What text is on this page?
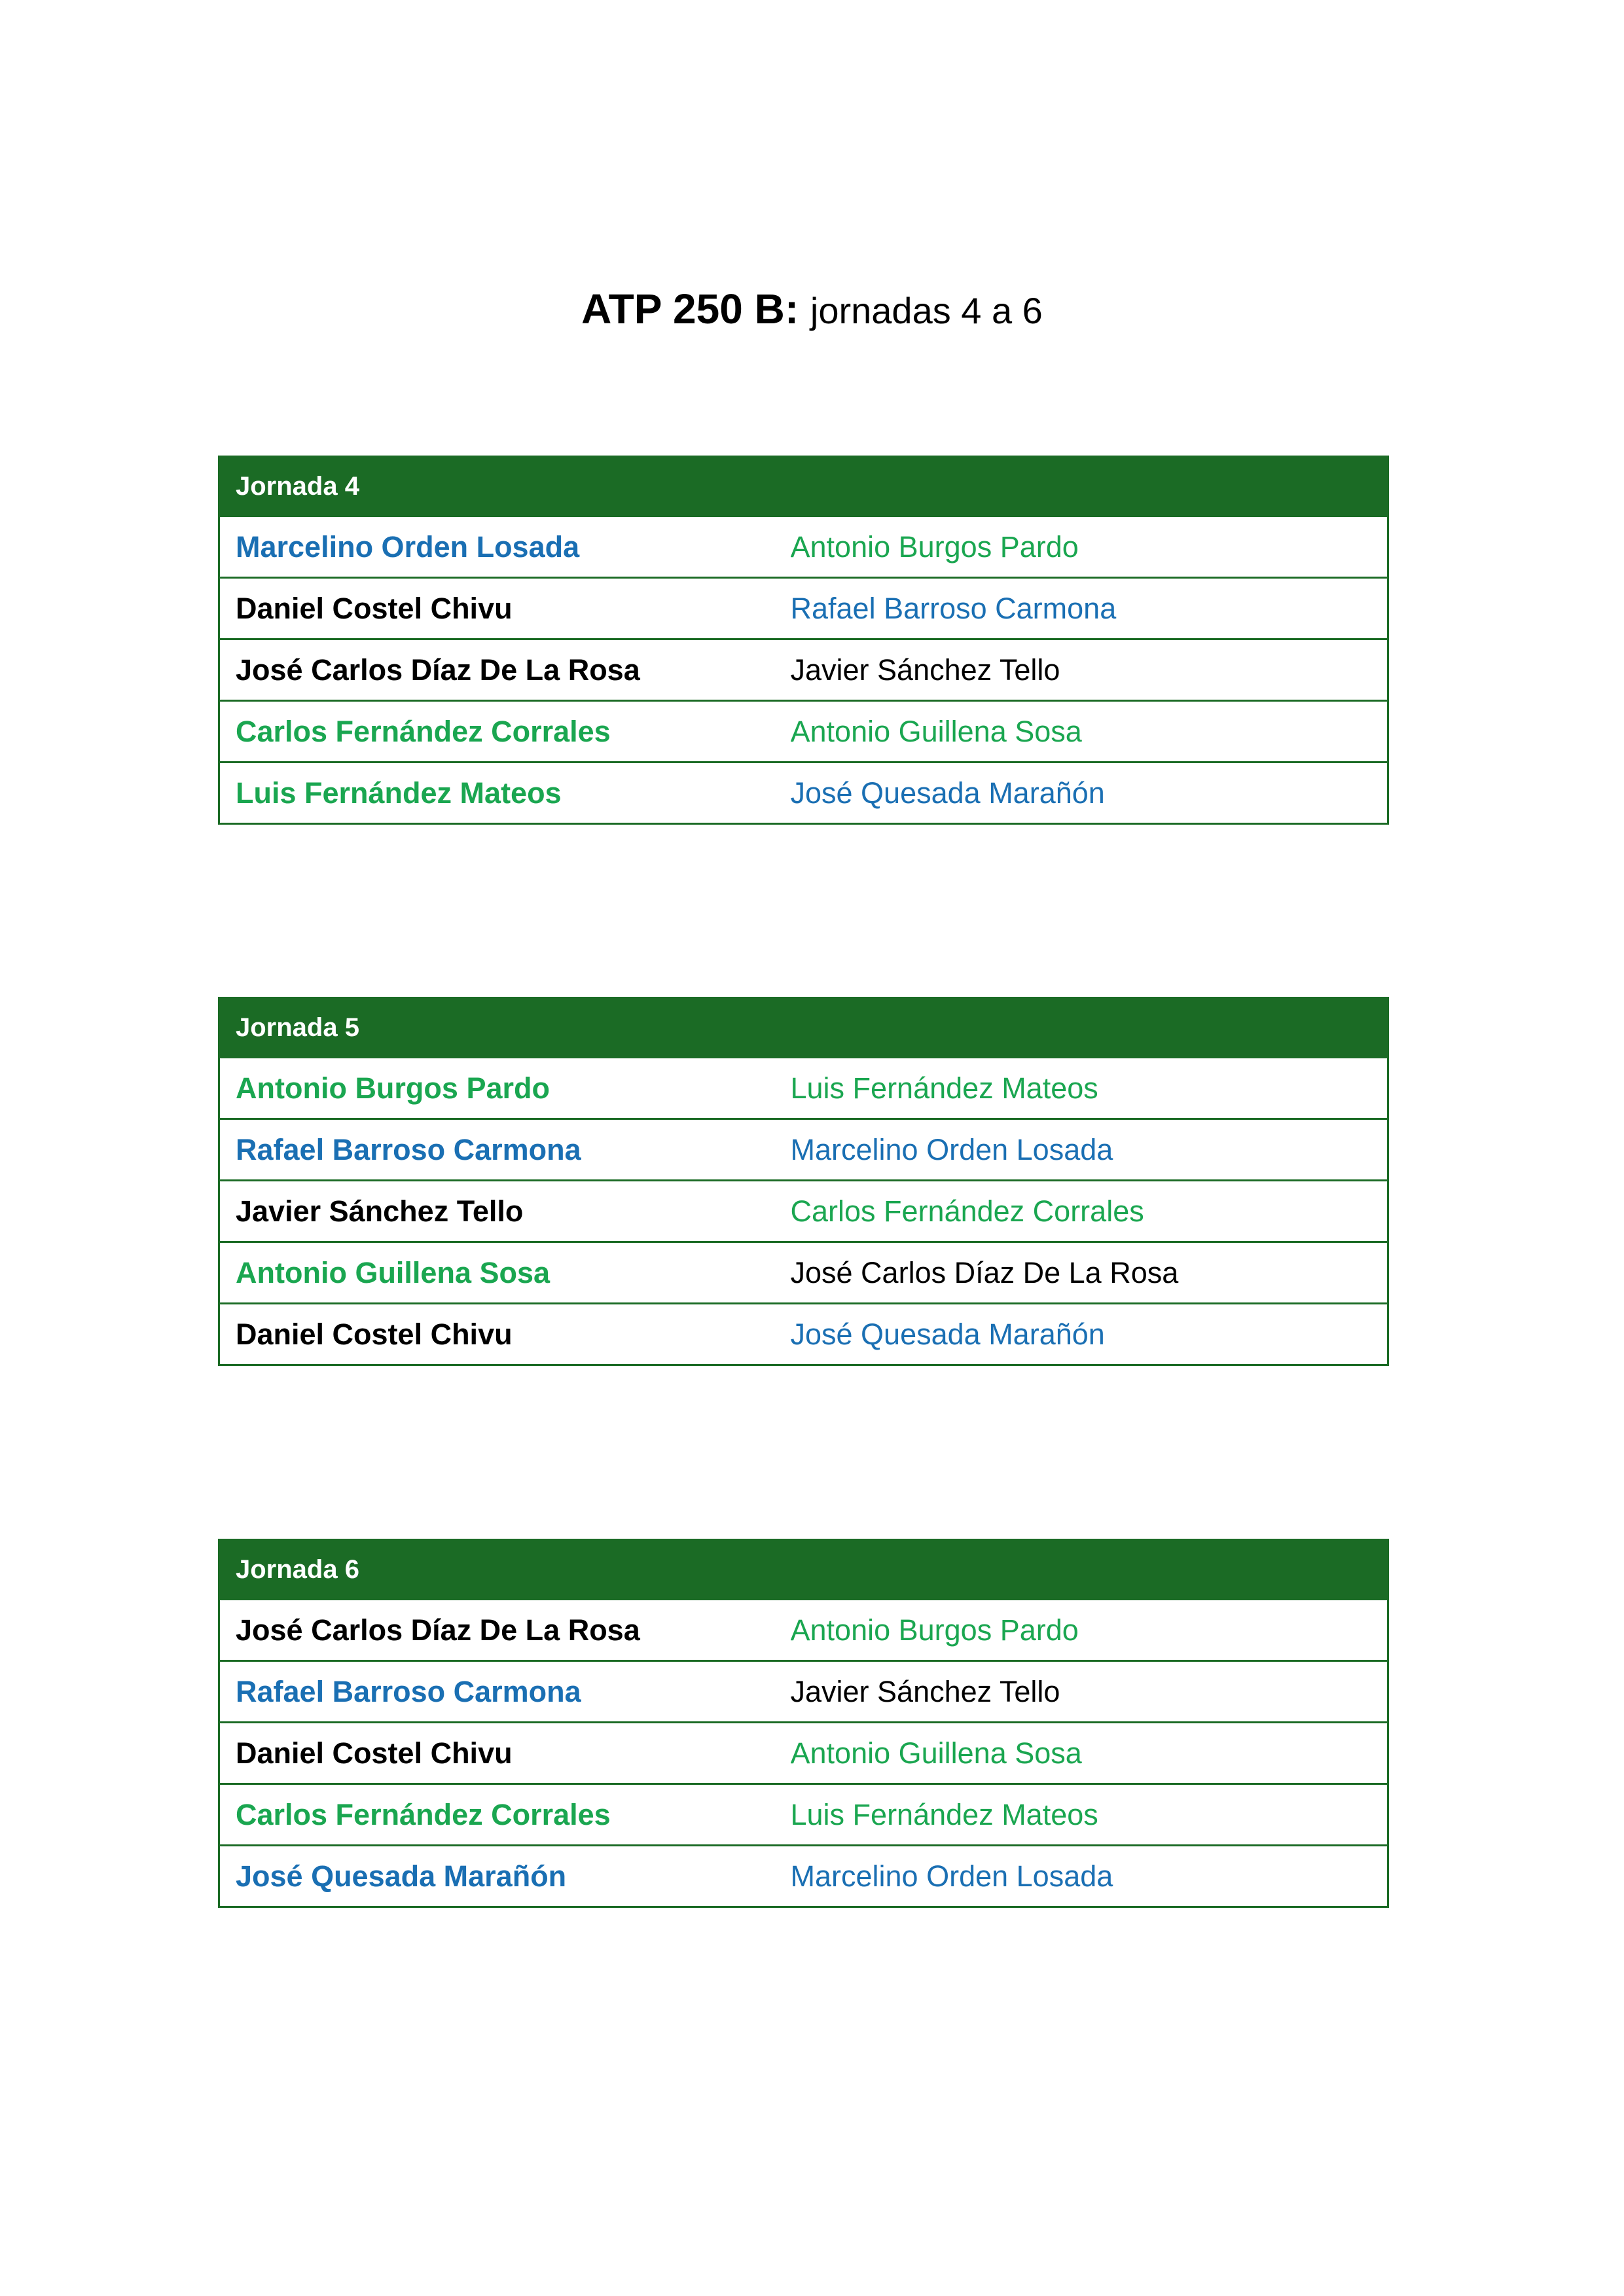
ATP 250 B: jornadas 4 a 6
Jornada 4	
Marcelino Orden Losada	Antonio Burgos Pardo
Daniel Costel Chivu	Rafael Barroso Carmona
José Carlos Díaz De La Rosa	Javier Sánchez Tello
Carlos Fernández Corrales	Antonio Guillena Sosa
Luis Fernández Mateos	José Quesada Marañón
Jornada 5	
Antonio Burgos Pardo	Luis Fernández Mateos
Rafael Barroso Carmona	Marcelino Orden Losada
Javier Sánchez Tello	Carlos Fernández Corrales
Antonio Guillena Sosa	José Carlos Díaz De La Rosa
Daniel Costel Chivu	José Quesada Marañón
Jornada 6	
José Carlos Díaz De La Rosa	Antonio Burgos Pardo
Rafael Barroso Carmona	Javier Sánchez Tello
Daniel Costel Chivu	Antonio Guillena Sosa
Carlos Fernández Corrales	Luis Fernández Mateos
José Quesada Marañón	Marcelino Orden Losada
